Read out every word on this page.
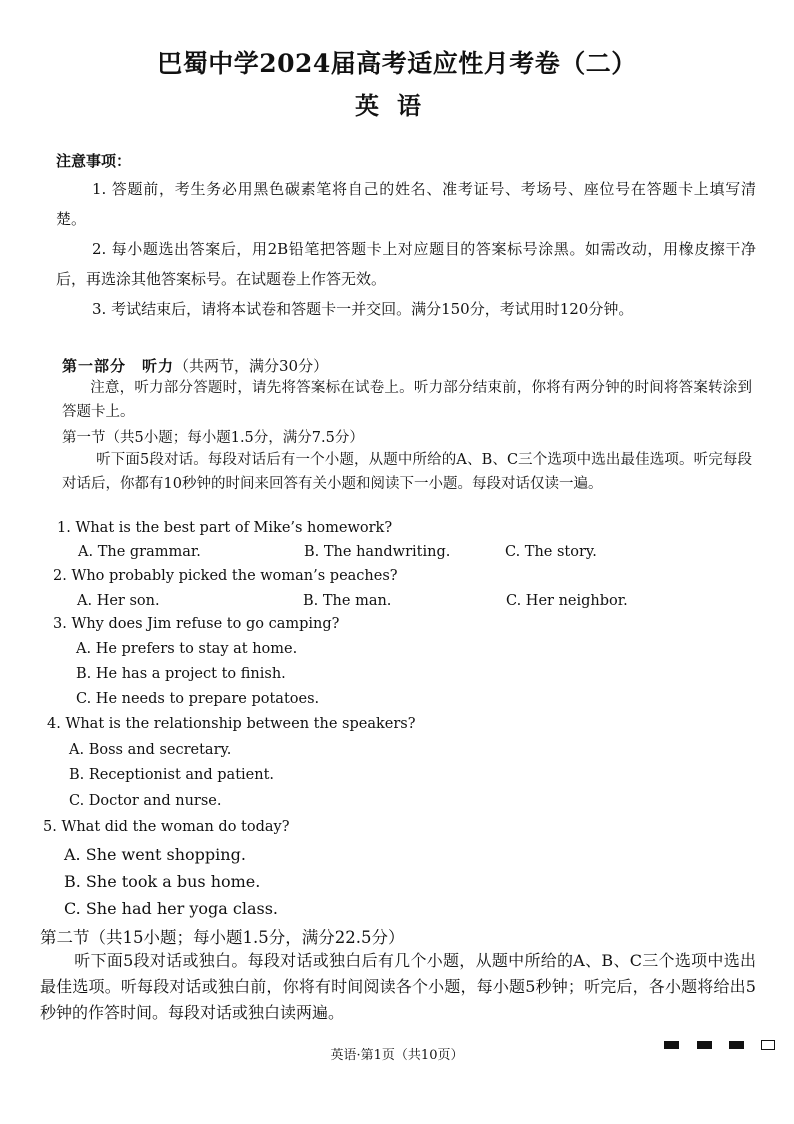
巴蜀中学2024届高考适应性月考卷（二）
英语
注意事项：
1. 答题前，考生务必用黑色碳素笔将自己的姓名、准考证号、考场号、座位号在答题卡上填写清楚。
2. 每小题选出答案后，用2B铅笔把答题卡上对应题目的答案标号涂黑。如需改动，用橡皮擦干净后，再选涂其他答案标号。在试题卷上作答无效。
3. 考试结束后，请将本试卷和答题卡一并交回。满分150分，考试用时120分钟。
第一部分　听力（共两节，满分30分）
注意，听力部分答题时，请先将答案标在试卷上。听力部分结束前，你将有两分钟的时间将答案转涂到答题卡上。
第一节（共5小题；每小题1.5分，满分7.5分）
听下面5段对话。每段对话后有一个小题，从题中所给的A、B、C三个选项中选出最佳选项。听完每段对话后，你都有10秒钟的时间来回答有关小题和阅读下一小题。每段对话仅读一遍。
1. What is the best part of Mike’s homework?
A. The grammar.	B. The handwriting.	C. The story.
2. Who probably picked the woman’s peaches?
A. Her son.	B. The man.	C. Her neighbor.
3. Why does Jim refuse to go camping?
A. He prefers to stay at home.
B. He has a project to finish.
C. He needs to prepare potatoes.
4. What is the relationship between the speakers?
A. Boss and secretary.
B. Receptionist and patient.
C. Doctor and nurse.
5. What did the woman do today?
A. She went shopping.
B. She took a bus home.
C. She had her yoga class.
第二节（共15小题；每小题1.5分，满分22.5分）
听下面5段对话或独白。每段对话或独白后有几个小题，从题中所给的A、B、C三个选项中选出最佳选项。听每段对话或独白前，你将有时间阅读各个小题，每小题5秒钟；听完后，各小题将给出5秒钟的作答时间。每段对话或独白读两遍。
英语·第1页（共10页）
